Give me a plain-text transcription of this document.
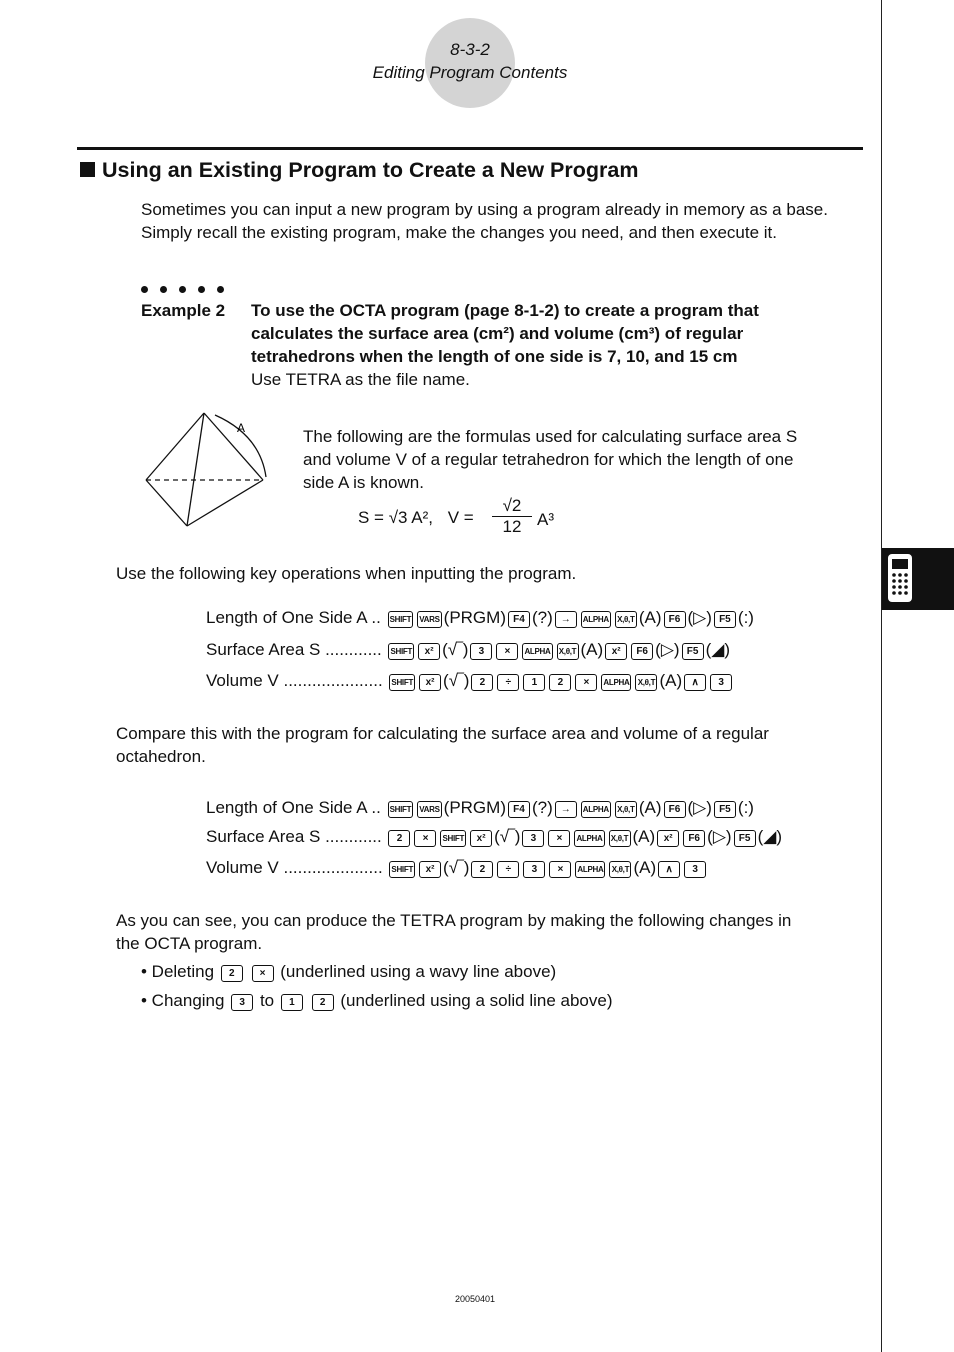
8-3-2
Editing Program Contents
Using an Existing Program to Create a New Program
Sometimes you can input a new program by using a program already in memory as a base.
Simply recall the existing program, make the changes you need, and then execute it.
Example 2 To use the OCTA program (page 8-1-2) to create a program that
calculates the surface area (cm²) and volume (cm³) of regular
tetrahedrons when the length of one side is 7, 10, and 15 cm
Use TETRA as the file name.
A	The following are the formulas used for calculating surface area S
and volume V of a regular tetrahedron for which the length of one
side A is known.
S = √3 A², $V = \frac{√2}{12} A^3$
Use the following key operations when inputting the program.
Length of One Side A .. SHIFT VARS (PRGM) F4 (?) → ALPHA X,θ,T (A) F6 (▷) F5 (:)
Surface Area S ............ SHIFT x² (√‾) 3 × ALPHA X,θ,T (A) x² F6 (▷) F5 (◢)
Volume V ..................... SHIFT x² (√‾) 2 ÷ 1 2 × ALPHA X,θ,T (A) ∧ 3
Compare this with the program for calculating the surface area and volume of a regular
octahedron.
Length of One Side A .. SHIFT VARS (PRGM) F4 (?) → ALPHA X,θ,T (A) F6 (▷) F5 (:)
Surface Area S ............ 2 × SHIFT x² (√‾) 3 × ALPHA X,θ,T (A) x² F6 (▷) F5 (◢)
Volume V ..................... SHIFT x² (√‾) 2 ÷ 3 × ALPHA X,θ,T (A) ∧ 3
As you can see, you can produce the TETRA program by making the following changes in
the OCTA program.
• Deleting 2	× (underlined using a wavy line above)
• Changing 3 to 1	2 (underlined using a solid line above)
20050401
